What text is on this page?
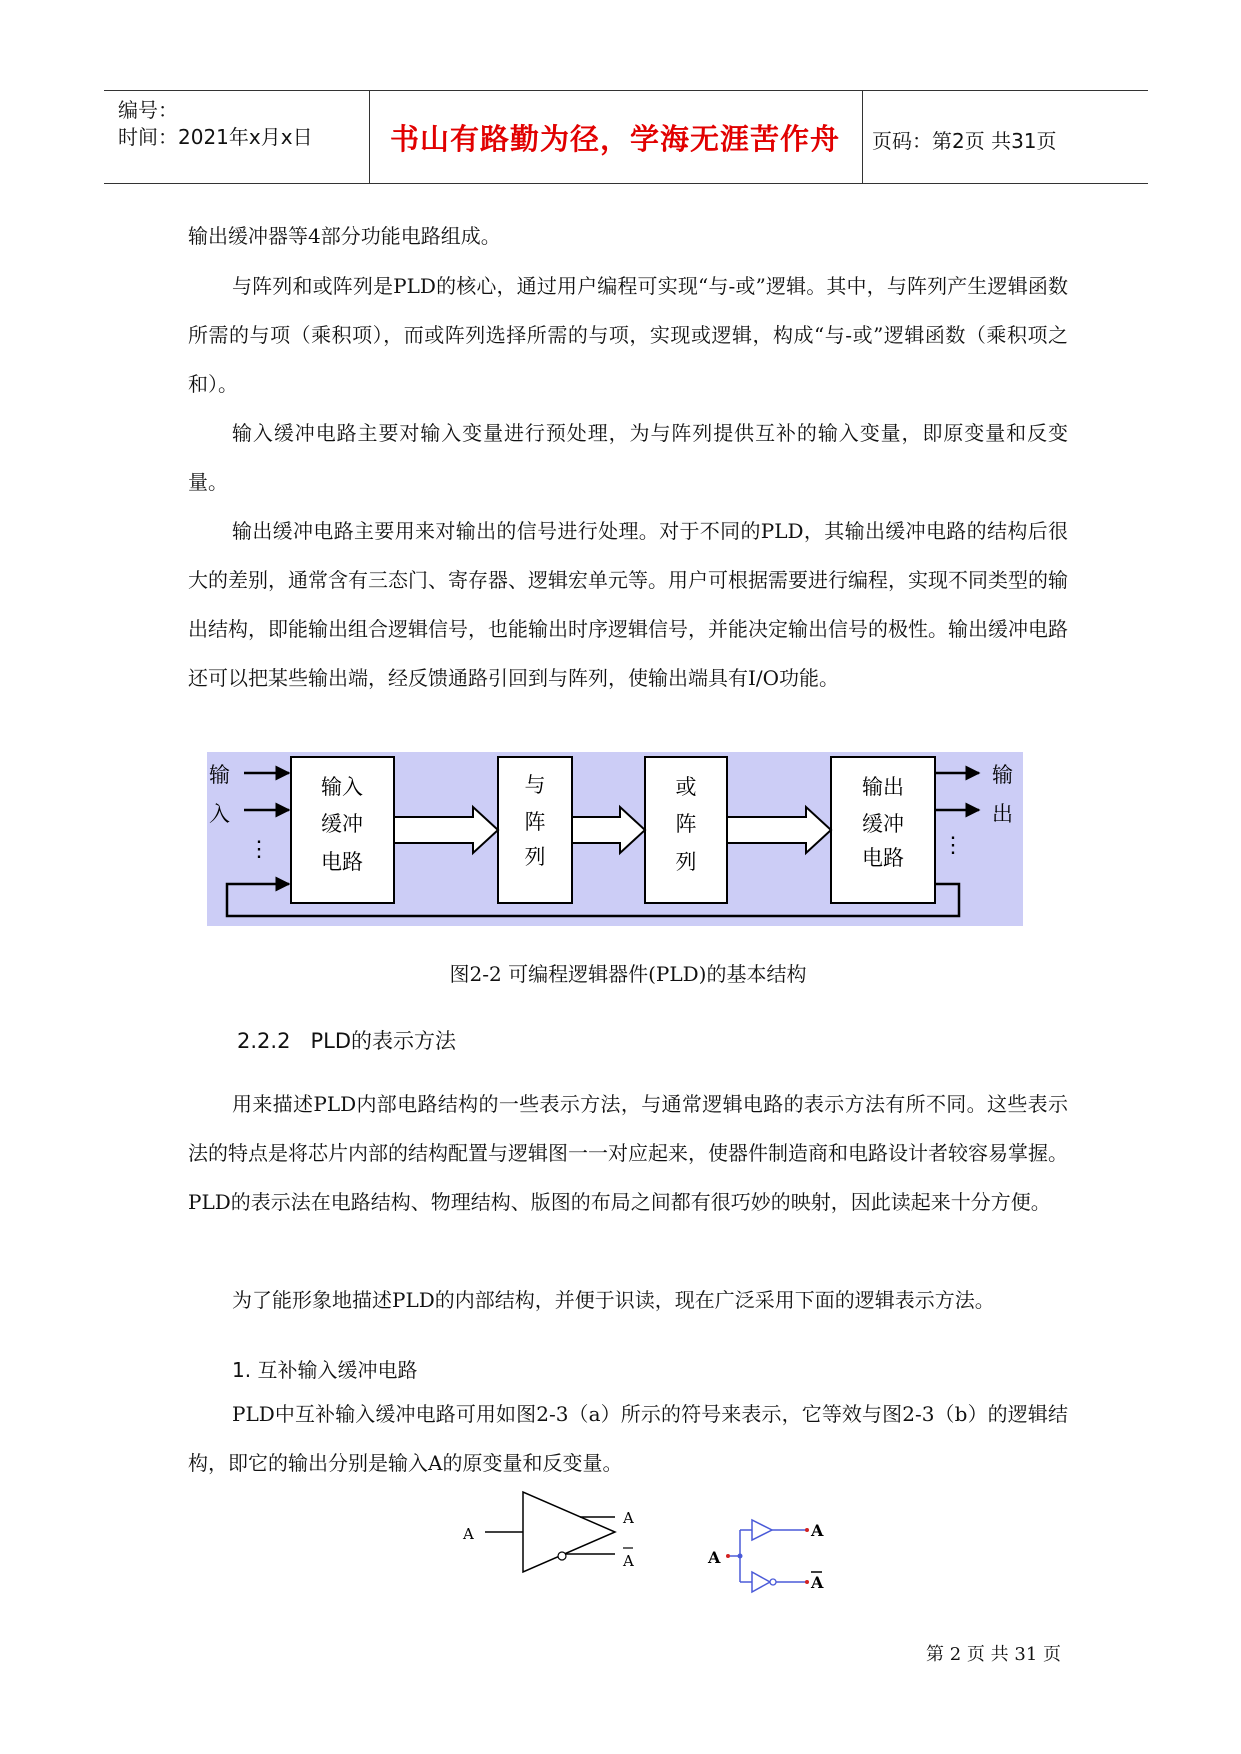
编号：
时间：2021年x月x日	书山有路勤为径，学海无涯苦作舟	页码：第2页 共31页

输出缓冲器等4部分功能电路组成。

与阵列和或阵列是PLD的核心，通过用户编程可实现“与-或”逻辑。其中，与阵列产生逻辑函数所需的与项（乘积项），而或阵列选择所需的与项，实现或逻辑，构成“与-或”逻辑函数（乘积项之和）。

输入缓冲电路主要对输入变量进行预处理，为与阵列提供互补的输入变量，即原变量和反变量。

输出缓冲电路主要用来对输出的信号进行处理。对于不同的PLD，其输出缓冲电路的结构后很大的差别，通常含有三态门、寄存器、逻辑宏单元等。用户可根据需要进行编程，实现不同类型的输出结构，即能输出组合逻辑信号，也能输出时序逻辑信号，并能决定输出信号的极性。输出缓冲电路还可以把某些输出端，经反馈通路引回到与阵列，使输出端具有I/O功能。

⋮	⋮
输
入
输
出
输入
缓冲
电路
与
阵
列
或
阵
列
输出
缓冲
电路
图2-2 可编程逻辑器件(PLD)的基本结构
2.2.2   PLD的表示方法

用来描述PLD内部电路结构的一些表示方法，与通常逻辑电路的表示方法有所不同。这些表示法的特点是将芯片内部的结构配置与逻辑图一一对应起来，使器件制造商和电路设计者较容易掌握。PLD的表示法在电路结构、物理结构、版图的布局之间都有很巧妙的映射，因此读起来十分方便。

为了能形象地描述PLD的内部结构，并便于识读，现在广泛采用下面的逻辑表示方法。

1. 互补输入缓冲电路

PLD中互补输入缓冲电路可用如图2-3（a）所示的符号来表示，它等效与图2-3（b）的逻辑结构，即它的输出分别是输入A的原变量和反变量。

A
A
A	A
A
A
第 2 页 共 31 页
